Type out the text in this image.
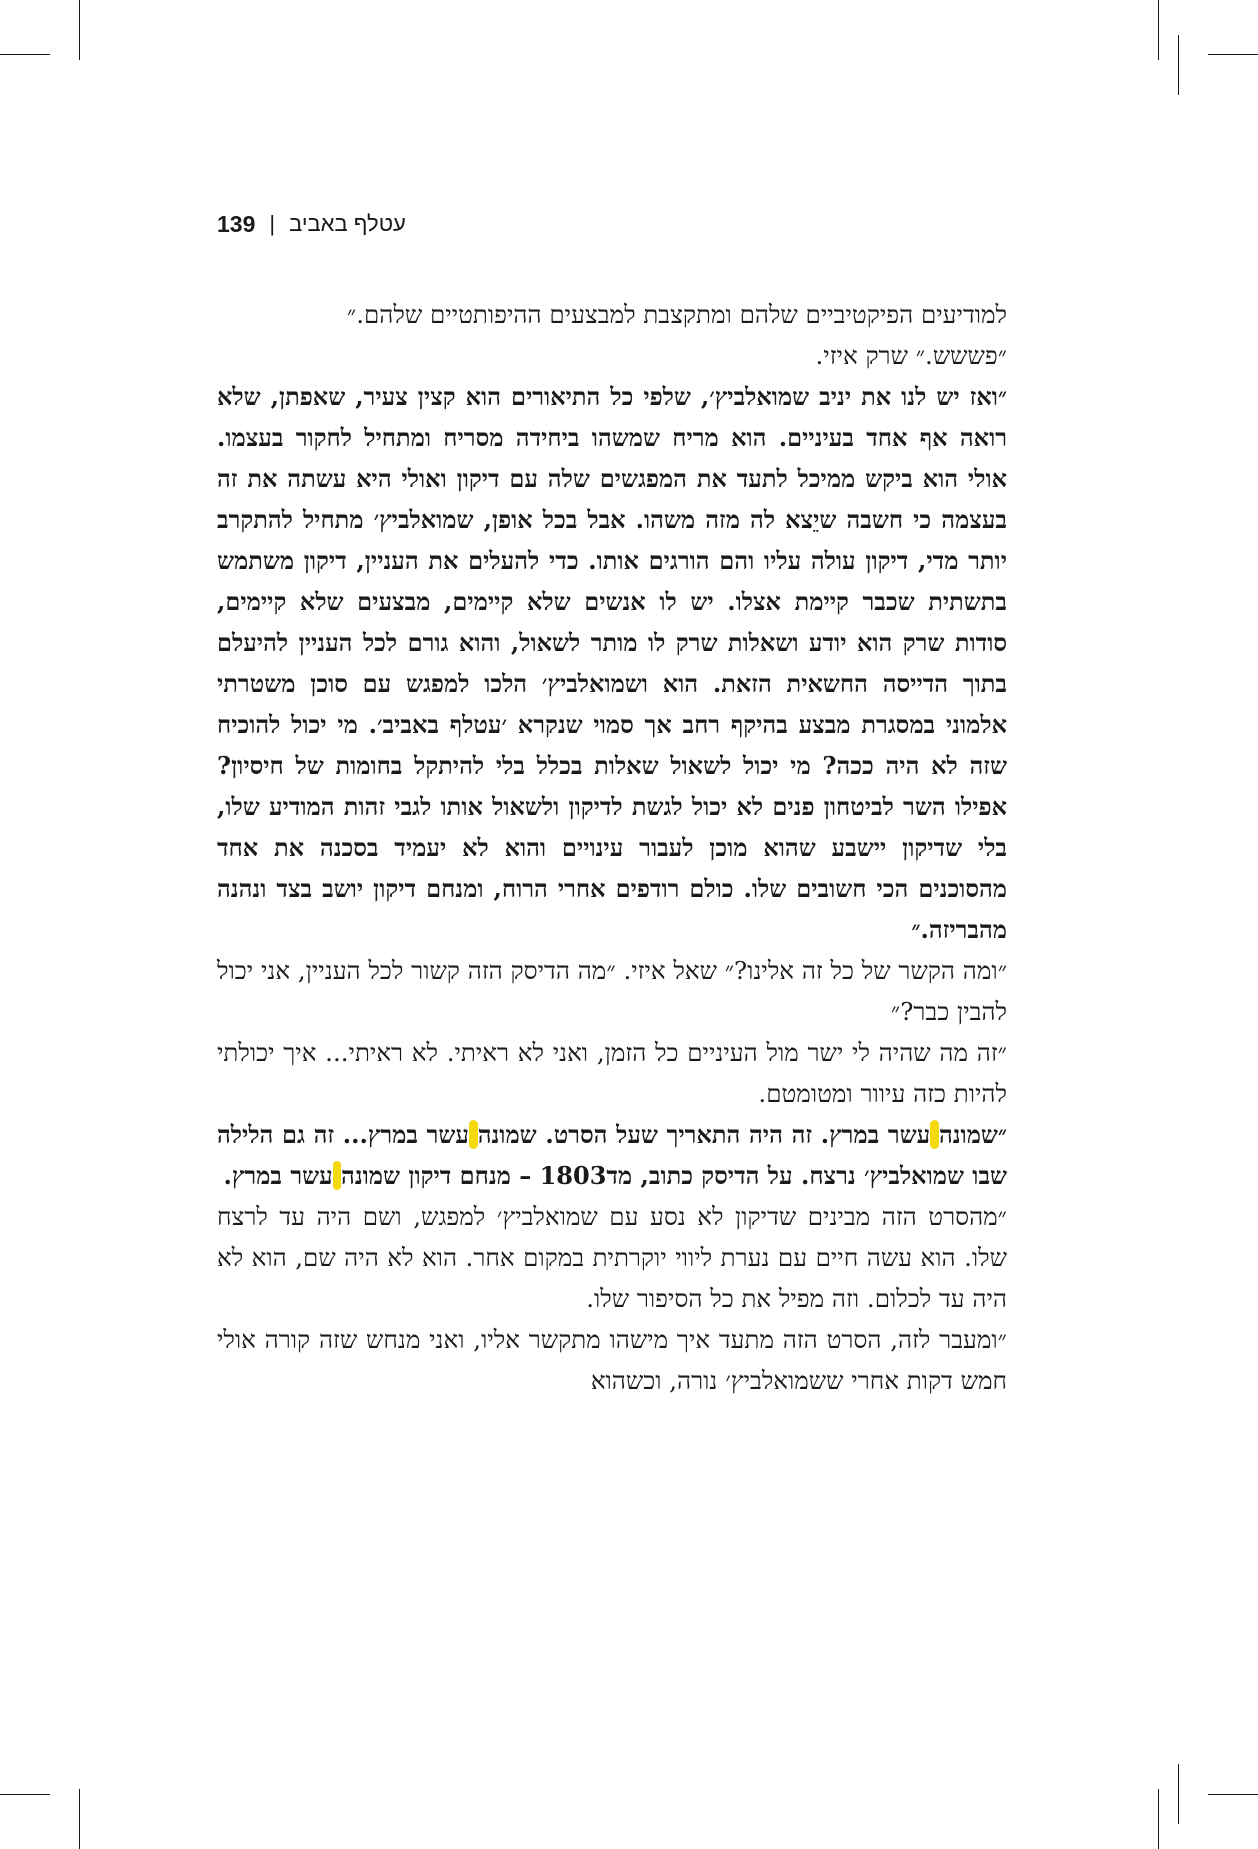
139 | עטלף באביב

למודיעים הפיקטיביים שלהם ומתקצבת למבצעים ההיפותטיים שלהם.״

״פששש.״ שרק איזי.

״ואז יש לנו את יניב שמואלביץ׳, שלפי כל התיאורים הוא קצין צעיר, שאפתן, שלא רואה אף אחד בעיניים. הוא מריח שמשהו ביחידה מסריח ומתחיל לחקור בעצמו. אולי הוא ביקש ממיכל לתעד את המפגשים שלה עם דיקון ואולי היא עשתה את זה בעצמה כי חשבה שיֵצא לה מזה משהו. אבל בכל אופן, שמואלביץ׳ מתחיל להתקרב יותר מדי, דיקון עולה עליו והם הורגים אותו. כדי להעלים את העניין, דיקון משתמש בתשתית שכבר קיימת אצלו. יש לו אנשים שלא קיימים, מבצעים שלא קיימים, סודות שרק הוא יודע ושאלות שרק לו מותר לשאול, והוא גורם לכל העניין להיעלם בתוך הדייסה החשאית הזאת. הוא ושמואלביץ׳ הלכו למפגש עם סוכן משטרתי אלמוני במסגרת מבצע בהיקף רחב אך סמוי שנקרא ׳עטלף באביב׳. מי יכול להוכיח שזה לא היה ככה? מי יכול לשאול שאלות בכלל בלי להיתקל בחומות של חיסיון? אפילו השר לביטחון פנים לא יכול לגשת לדיקון ולשאול אותו לגבי זהות המודיע שלו, בלי שדיקון יישבע שהוא מוכן לעבור עינויים והוא לא יעמיד בסכנה את אחד מהסוכנים הכי חשובים שלו. כולם רודפים אחרי הרוח, ומנחם דיקון יושב בצד ונהנה מהבריזה.״

״ומה הקשר של כל זה אלינו?״ שאל איזי. ״מה הדיסק הזה קשור לכל העניין, אני יכול להבין כבר?״

״זה מה שהיה לי ישר מול העיניים כל הזמן, ואני לא ראיתי. לא ראיתי... איך יכולתי להיות כזה עיוור ומטומטם.

״שמונה עשר במרץ. זה היה התאריך שעל הסרט. שמונה עשר במרץ... זה גם הלילה שבו שמואלביץ׳ נרצח. על הדיסק כתוב, מד1803 – מנחם דיקון שמונה עשר במרץ.

״מהסרט הזה מבינים שדיקון לא נסע עם שמואלביץ׳ למפגש, ושם היה עד לרצח שלו. הוא עשה חיים עם נערת ליווי יוקרתית במקום אחר. הוא לא היה שם, הוא לא היה עד לכלום. וזה מפיל את כל הסיפור שלו.

״ומעבר לזה, הסרט הזה מתעד איך מישהו מתקשר אליו, ואני מנחש שזה קורה אולי חמש דקות אחרי ששמואלביץ׳ נורה, וכשהוא
